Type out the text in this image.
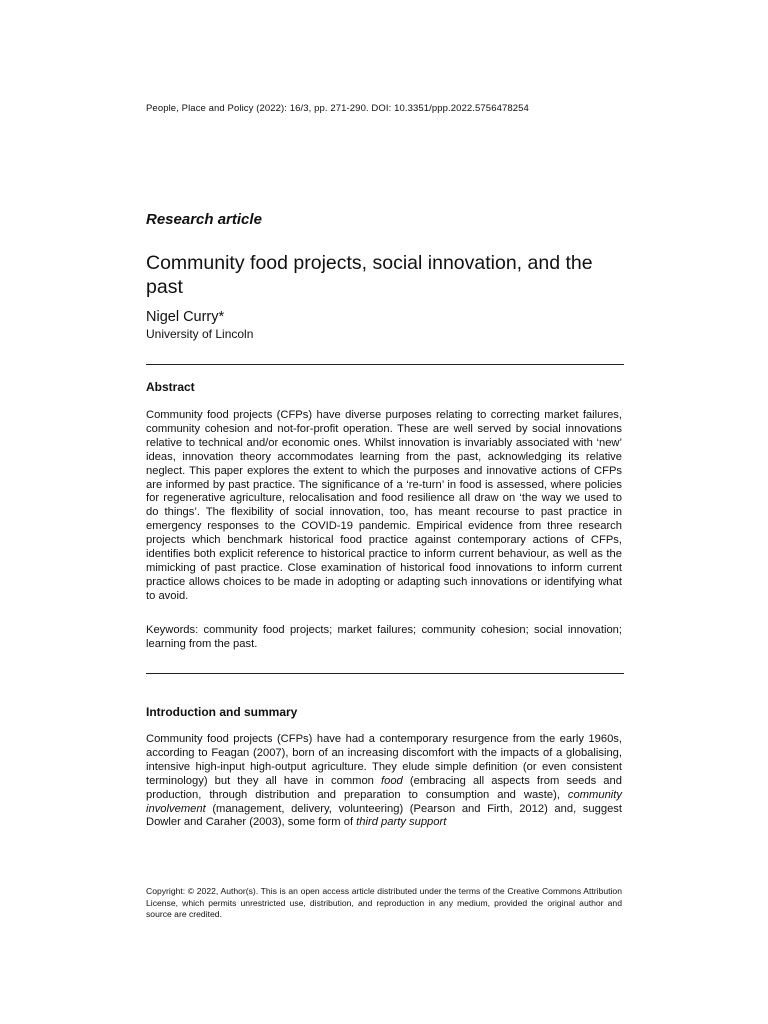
People, Place and Policy (2022): 16/3, pp. 271-290. DOI: 10.3351/ppp.2022.5756478254
Research article
Community food projects, social innovation, and the past
Nigel Curry*
University of Lincoln
Abstract

Community food projects (CFPs) have diverse purposes relating to correcting market failures, community cohesion and not-for-profit operation. These are well served by social innovations relative to technical and/or economic ones. Whilst innovation is invariably associated with ‘new’ ideas, innovation theory accommodates learning from the past, acknowledging its relative neglect. This paper explores the extent to which the purposes and innovative actions of CFPs are informed by past practice. The significance of a ‘re-turn’ in food is assessed, where policies for regenerative agriculture, relocalisation and food resilience all draw on ‘the way we used to do things’. The flexibility of social innovation, too, has meant recourse to past practice in emergency responses to the COVID-19 pandemic. Empirical evidence from three research projects which benchmark historical food practice against contemporary actions of CFPs, identifies both explicit reference to historical practice to inform current behaviour, as well as the mimicking of past practice. Close examination of historical food innovations to inform current practice allows choices to be made in adopting or adapting such innovations or identifying what to avoid.

Keywords: community food projects; market failures; community cohesion; social innovation; learning from the past.

Introduction and summary

Community food projects (CFPs) have had a contemporary resurgence from the early 1960s, according to Feagan (2007), born of an increasing discomfort with the impacts of a globalising, intensive high-input high-output agriculture. They elude simple definition (or even consistent terminology) but they all have in common food (embracing all aspects from seeds and production, through distribution and preparation to consumption and waste), community involvement (management, delivery, volunteering) (Pearson and Firth, 2012) and, suggest Dowler and Caraher (2003), some form of third party support

Copyright: © 2022, Author(s). This is an open access article distributed under the terms of the Creative Commons Attribution License, which permits unrestricted use, distribution, and reproduction in any medium, provided the original author and source are credited.
